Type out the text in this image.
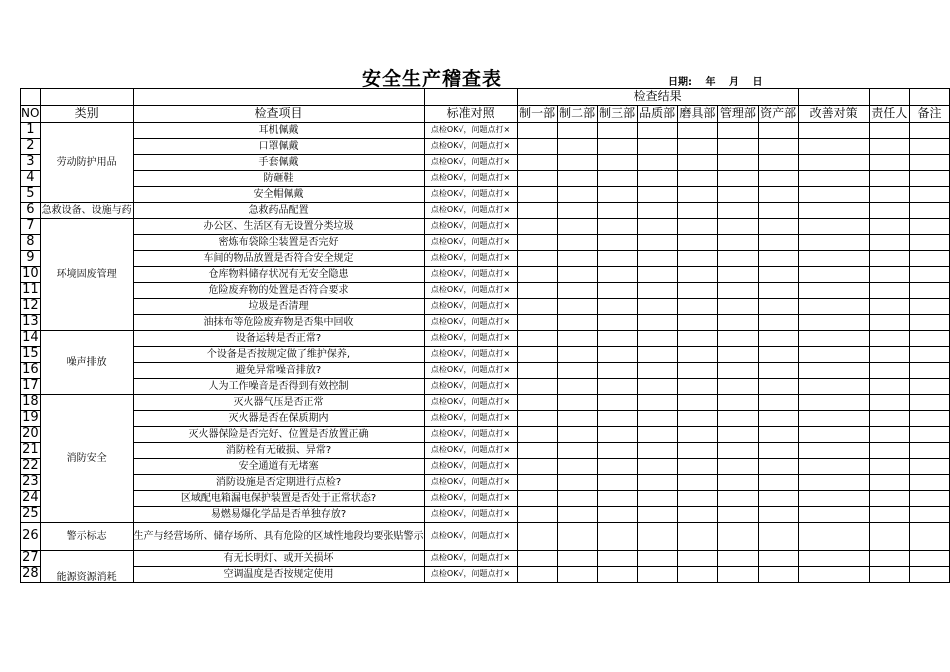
安全生产稽查表	日期: 年 月 日
				检查结果									
NO	类别	检查项目	标准对照	制一部	制二部	制三部	品质部	磨具部	管理部	资产部	改善对策	责任人	备注
1	劳动防护用品	耳机佩戴	点检OK√，问题点打×										
2		口罩佩戴	点检OK√，问题点打×										
3		手套佩戴	点检OK√，问题点打×										
4		防砸鞋	点检OK√，问题点打×										
5		安全帽佩戴	点检OK√，问题点打×										
6	急救设备、设施与药	急救药品配置	点检OK√，问题点打×										
7	环境固废管理	办公区、生活区有无设置分类垃圾	点检OK√，问题点打×										
8		密炼布袋除尘装置是否完好	点检OK√，问题点打×										
9		车间的物品放置是否符合安全规定	点检OK√，问题点打×										
10		仓库物料储存状况有无安全隐患	点检OK√，问题点打×										
11		危险废弃物的处置是否符合要求	点检OK√，问题点打×										
12		垃圾是否清理	点检OK√，问题点打×										
13		油抹布等危险废弃物是否集中回收	点检OK√，问题点打×										
14	噪声排放	设备运转是否正常?	点检OK√，问题点打×										
15		个设备是否按规定做了维护保养,	点检OK√，问题点打×										
16		避免异常噪音排放?	点检OK√，问题点打×										
17		人为工作噪音是否得到有效控制	点检OK√，问题点打×										
18	消防安全	灭火器气压是否正常	点检OK√，问题点打×										
19		灭火器是否在保质期内	点检OK√，问题点打×										
20		灭火器保险是否完好、位置是否放置正确	点检OK√，问题点打×										
21		消防栓有无破损、异常?	点检OK√，问题点打×										
22		安全通道有无堵塞	点检OK√，问题点打×										
23		消防设施是否定期进行点检?	点检OK√，问题点打×										
24		区域配电箱漏电保护装置是否处于正常状态?	点检OK√，问题点打×										
25		易燃易爆化学品是否单独存放?	点检OK√，问题点打×										
26	警示标志	生产与经营场所、储存场所、具有危险的区域性地段均要张贴警示	点检OK√，问题点打×										
27	能源资源消耗	有无长明灯、或开关损坏	点检OK√，问题点打×										
28		空调温度是否按规定使用	点检OK√，问题点打×										
